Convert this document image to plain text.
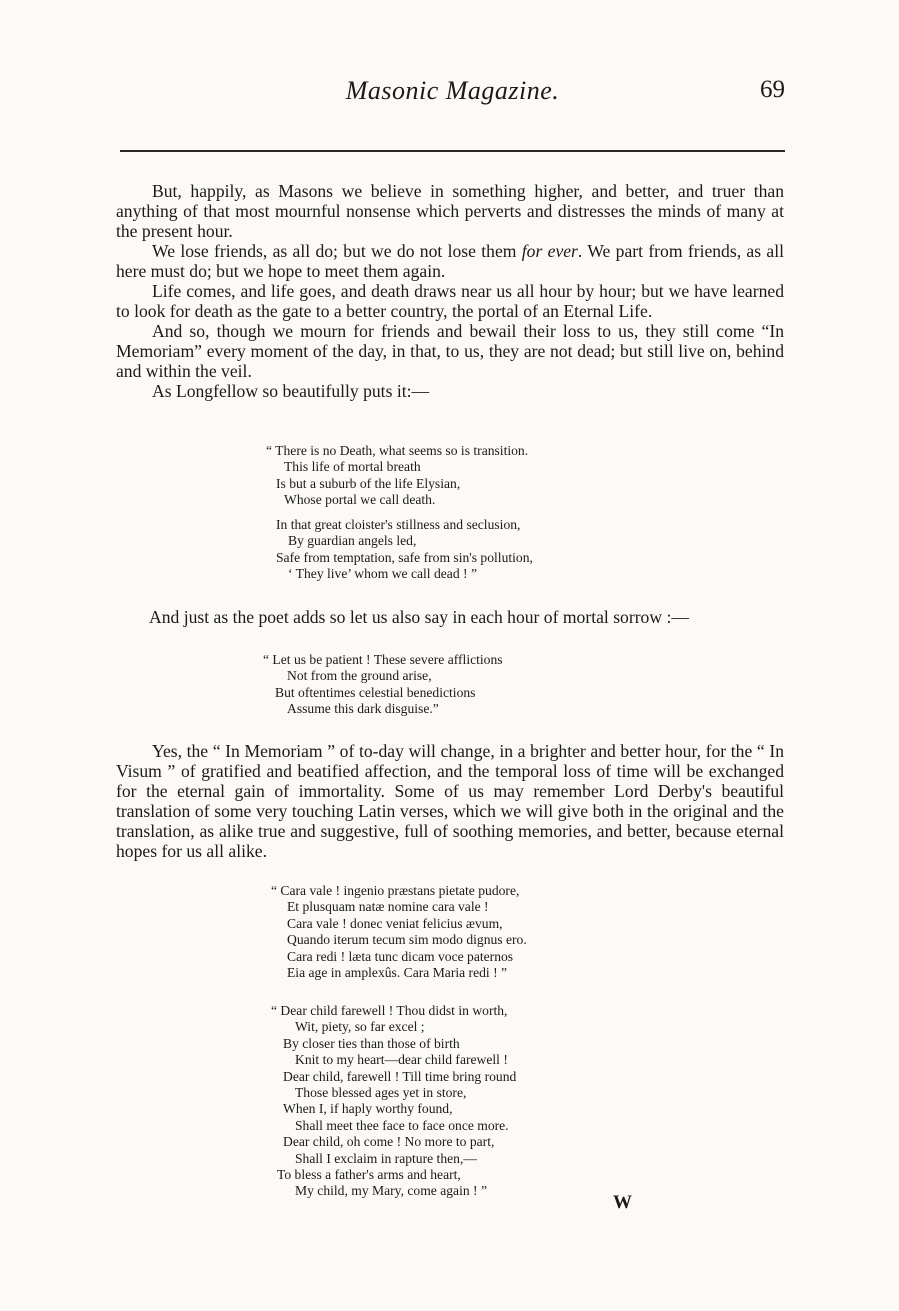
Masonic Magazine.	69

But, happily, as Masons we believe in something higher, and better, and truer than anything of that most mournful nonsense which perverts and distresses the minds of many at the present hour.

We lose friends, as all do; but we do not lose them for ever. We part from friends, as all here must do; but we hope to meet them again.

Life comes, and life goes, and death draws near us all hour by hour; but we have learned to look for death as the gate to a better country, the portal of an Eternal Life.

And so, though we mourn for friends and bewail their loss to us, they still come “In Memoriam” every moment of the day, in that, to us, they are not dead; but still live on, behind and within the veil.

As Longfellow so beautifully puts it:—

“ There is no Death, what seems so is transition.
This life of mortal breath
Is but a suburb of the life Elysian,
Whose portal we call death.
In that great cloister's stillness and seclusion,
By guardian angels led,
Safe from temptation, safe from sin's pollution,
‘ They live’ whom we call dead ! ”
And just as the poet adds so let us also say in each hour of mortal sorrow :—
“ Let us be patient ! These severe afflictions
Not from the ground arise,
But oftentimes celestial benedictions
Assume this dark disguise.”

Yes, the “ In Memoriam ” of to-day will change, in a brighter and better hour, for the “ In Visum ” of gratified and beatified affection, and the temporal loss of time will be exchanged for the eternal gain of immortality. Some of us may remember Lord Derby's beautiful translation of some very touching Latin verses, which we will give both in the original and the translation, as alike true and suggestive, full of soothing memories, and better, because eternal hopes for us all alike.

“ Cara vale ! ingenio præstans pietate pudore,
Et plusquam natæ nomine cara vale !
Cara vale ! donec veniat felicius ævum,
Quando iterum tecum sim modo dignus ero.
Cara redi ! læta tunc dicam voce paternos
Eia age in amplexûs. Cara Maria redi ! ”
“ Dear child farewell ! Thou didst in worth,
Wit, piety, so far excel ;
By closer ties than those of birth
Knit to my heart—dear child farewell !
Dear child, farewell ! Till time bring round
Those blessed ages yet in store,
When I, if haply worthy found,
Shall meet thee face to face once more.
Dear child, oh come ! No more to part,
Shall I exclaim in rapture then,—
To bless a father's arms and heart,
My child, my Mary, come again ! ”
W
